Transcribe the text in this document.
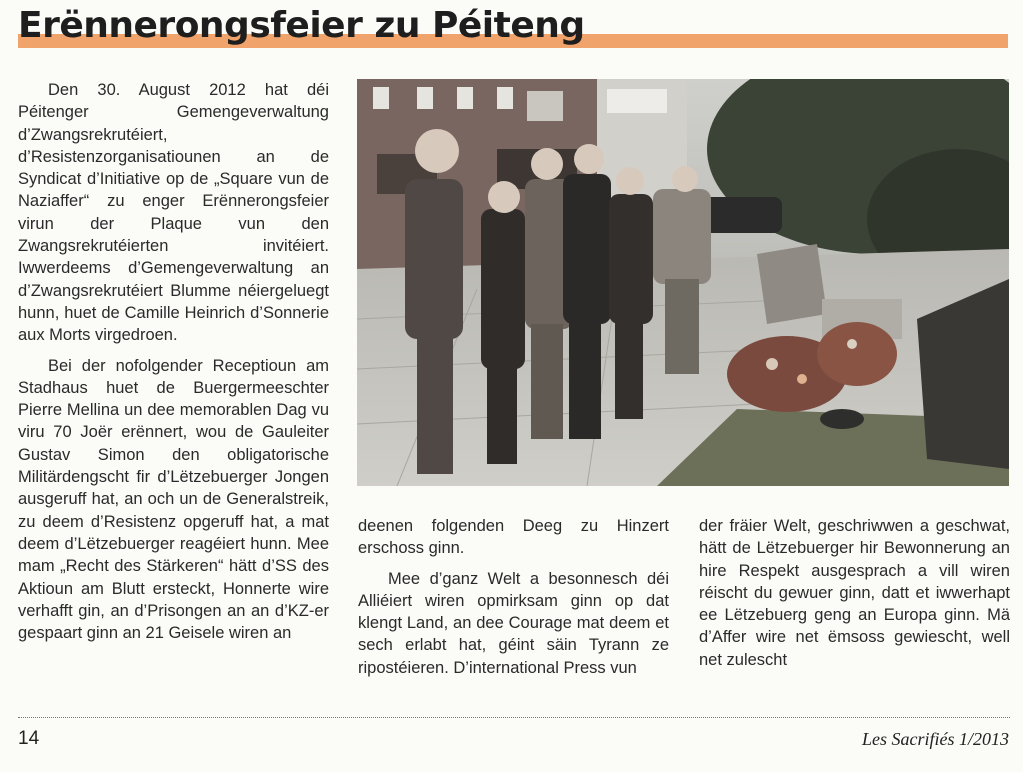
Erënnerongsfeier zu Péiteng

Den 30. August 2012 hat déi Péitenger Gemengeverwaltung d’Zwangsrekrutéiert, d’Resistenzorganisatiounen an de Syndicat d’Initiative op de „Square vun de Naziaffer“ zu enger Erënnerongsfeier virun der Plaque vun den Zwangsrekrutéierten invitéiert. Iwwerdeems d’Gemengeverwaltung an d’Zwangsrekrutéiert Blumme néiergeluegt hunn, huet de Camille Heinrich d’Sonnerie aux Morts virgedroen.

Bei der nofolgender Receptioun am Stadhaus huet de Buergermeeschter Pierre Mellina un dee memorablen Dag vu viru 70 Joër erënnert, wou de Gauleiter Gustav Simon den obligatorische Militärdengscht fir d’Lëtzebuerger Jongen ausgeruff hat, an och un de Generalstreik, zu deem d’Resistenz opgeruff hat, a mat deem d’Lëtzebuerger reagéiert hunn. Mee mam „Recht des Stärkeren“ hätt d’SS des Aktioun am Blutt ersteckt, Honnerte wire verhafft gin, an d’Prisongen an an d’KZ-er gespaart ginn an 21 Geisele wiren an

deenen folgenden Deeg zu Hinzert erschoss ginn.

Mee d’ganz Welt a besonnesch déi Alliéiert wiren opmirksam ginn op dat klengt Land, an dee Courage mat deem et sech erlabt hat, géint säin Tyrann ze ripostéieren. D’international Press vun

der fräier Welt, geschriwwen a geschwat, hätt de Lëtzebuerger hir Bewonnerung an hire Respekt ausgesprach a vill wiren réischt du gewuer ginn, datt et iwwerhapt ee Lëtzebuerg geng an Europa ginn. Mä d’Affer wire net ëmsoss gewiescht, well net zulescht

14	Les Sacrifiés 1/2013
